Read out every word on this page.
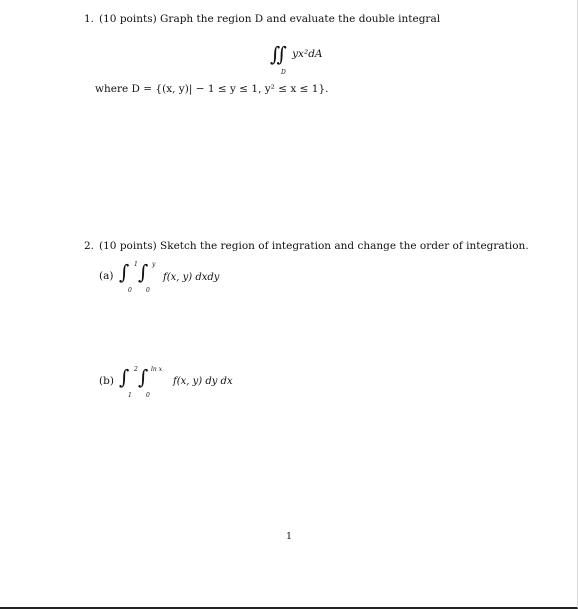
1. (10 points) Graph the region D and evaluate the double integral
∬ $^{yx^2dA}$
D
where D = {(x, y)| − 1 ≤ y ≤ 1, y² ≤ x ≤ 1}.
2. (10 points) Sketch the region of integration and change the order of integration.
(a) ∫ 1
0
∫ y
0
f(x, y) dxdy
(b) ∫ 2
1
∫ ln x
0
f(x, y) dy dx
1
